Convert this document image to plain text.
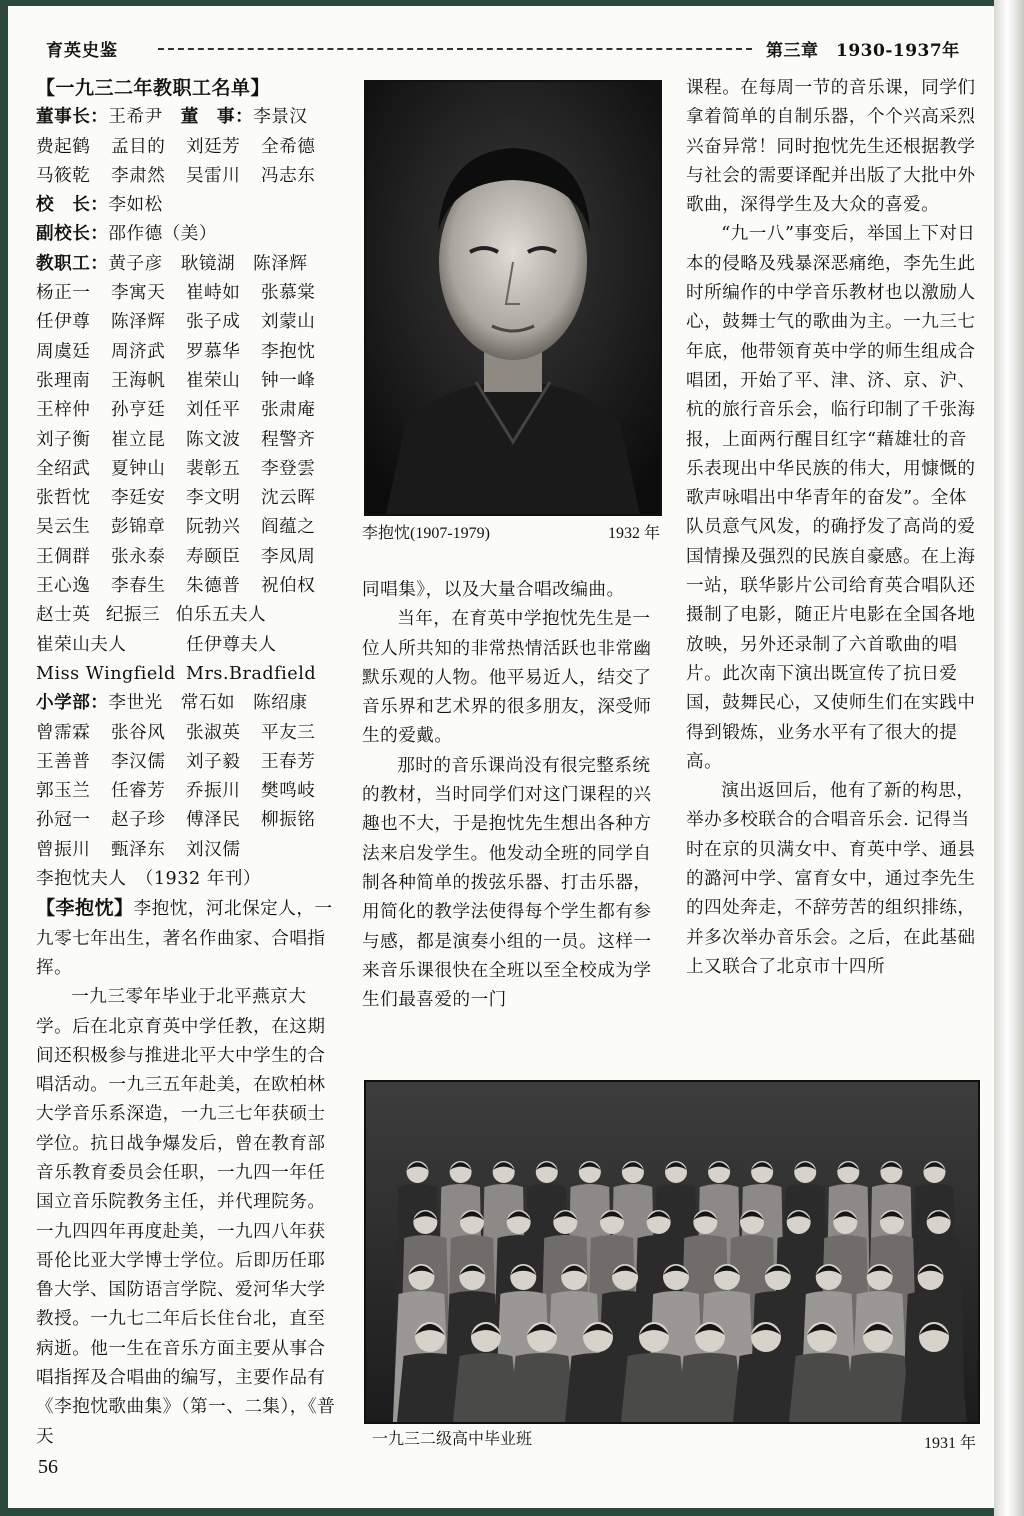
育英史鉴	第三章　1930-1937年

【一九三二年教职工名单】

董事长：王希尹　 董　事：李景汉

费起鹤	孟目的	刘廷芳	全希德
马筱乾	李肃然	吴雷川	冯志东

校　长：李如松

副校长：邵作德（美）

教职工：黄子彦　耿镜湖　陈泽辉

杨正一	李寓天	崔峙如	张慕棠
任伊尊	陈泽辉	张子成	刘蒙山
周虞廷	周济武	罗慕华	李抱忱
张理南	王海帆	崔荣山	钟一峰
王梓仲	孙亨廷	刘任平	张肃庵
刘子衡	崔立昆	陈文波	程警齐
全绍武	夏钟山	裴彰五	李登雲
张哲忱	李廷安	李文明	沈云晖
吴云生	彭锦章	阮勃兴	阎蕴之
王倜群	张永泰	寿颐臣	李凤周
王心逸	李春生	朱德普	祝伯权
赵士英 纪振三 伯乐五夫人
崔荣山夫人	任伊尊夫人
Miss Wingfield Mrs.Bradfield

小学部：李世光　常石如　陈绍康

曾霈霖	张谷风	张淑英	平友三
王善普	李汉儒	刘子毅	王春芳
郭玉兰	任睿芳	乔振川	樊鸣岐
孙冠一	赵子珍	傅泽民	柳振铭
曾振川	甄泽东	刘汉儒

李抱忱夫人　（1932 年刊）

【李抱忱】李抱忱，河北保定人，一九零七年出生，著名作曲家、合唱指挥。

一九三零年毕业于北平燕京大学。后在北京育英中学任教，在这期间还积极参与推进北平大中学生的合唱活动。一九三五年赴美，在欧柏林大学音乐系深造，一九三七年获硕士学位。抗日战争爆发后，曾在教育部音乐教育委员会任职，一九四一年任国立音乐院教务主任，并代理院务。一九四四年再度赴美，一九四八年获哥伦比亚大学博士学位。后即历任耶鲁大学、国防语言学院、爱河华大学教授。一九七二年后长住台北，直至病逝。他一生在音乐方面主要从事合唱指挥及合唱曲的编写，主要作品有《李抱忱歌曲集》（第一、二集），《普天

李抱忱(1907-1979)	1932 年

同唱集》，以及大量合唱改编曲。

当年，在育英中学抱忱先生是一位人所共知的非常热情活跃也非常幽默乐观的人物。他平易近人，结交了音乐界和艺术界的很多朋友，深受师生的爱戴。

那时的音乐课尚没有很完整系统的教材，当时同学们对这门课程的兴趣也不大，于是抱忱先生想出各种方法来启发学生。他发动全班的同学自制各种简单的拨弦乐器、打击乐器，用简化的教学法使得每个学生都有参与感，都是演奏小组的一员。这样一来音乐课很快在全班以至全校成为学生们最喜爱的一门

课程。在每周一节的音乐课，同学们拿着简单的自制乐器，个个兴高采烈兴奋异常！同时抱忱先生还根据教学与社会的需要译配并出版了大批中外歌曲，深得学生及大众的喜爱。

“九一八”事变后，举国上下对日本的侵略及残暴深恶痛绝，李先生此时所编作的中学音乐教材也以激励人心，鼓舞士气的歌曲为主。一九三七年底，他带领育英中学的师生组成合唱团，开始了平、津、济、京、沪、杭的旅行音乐会，临行印制了千张海报，上面两行醒目红字“藉雄壮的音乐表现出中华民族的伟大，用慷慨的歌声咏唱出中华青年的奋发”。全体队员意气风发，的确抒发了高尚的爱国情操及强烈的民族自豪感。在上海一站，联华影片公司给育英合唱队还摄制了电影，随正片电影在全国各地放映，另外还录制了六首歌曲的唱片。此次南下演出既宣传了抗日爱国，鼓舞民心，又使师生们在实践中得到锻炼，业务水平有了很大的提高。

演出返回后，他有了新的构思，举办多校联合的合唱音乐会. 记得当时在京的贝满女中、育英中学、通县的潞河中学、富育女中，通过李先生的四处奔走，不辞劳苦的组织排练，并多次举办音乐会。之后，在此基础上又联合了北京市十四所

一九三二级高中毕业班	1931 年
56
